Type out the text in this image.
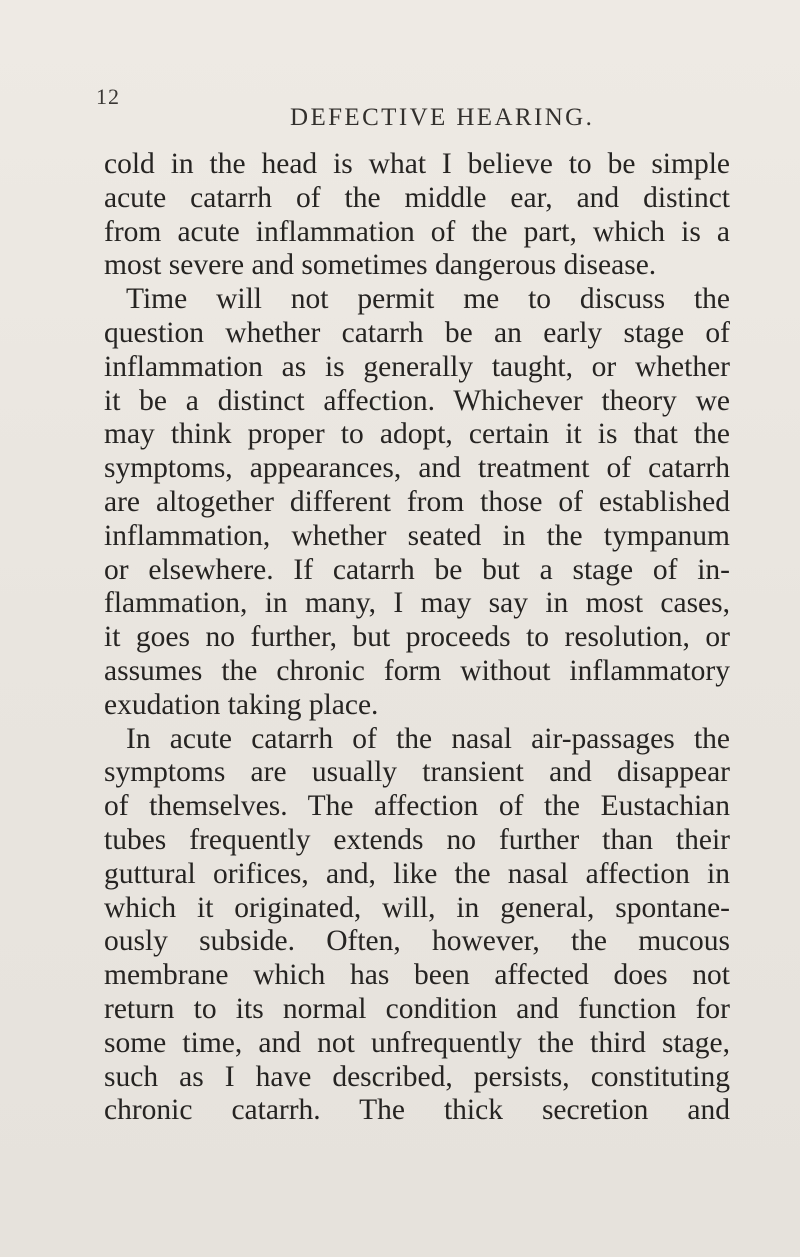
12
DEFECTIVE HEARING.
cold in the head is what I believe to be simple
acute catarrh of the middle ear, and distinct
from acute inflammation of the part, which is a
most severe and sometimes dangerous disease.
Time will not permit me to discuss the
question whether catarrh be an early stage of
inflammation as is generally taught, or whether
it be a distinct affection. Whichever theory we
may think proper to adopt, certain it is that the
symptoms, appearances, and treatment of catarrh
are altogether different from those of established
inflammation, whether seated in the tympanum
or elsewhere. If catarrh be but a stage of in-
flammation, in many, I may say in most cases,
it goes no further, but proceeds to resolution, or
assumes the chronic form without inflammatory
exudation taking place.
In acute catarrh of the nasal air-passages the
symptoms are usually transient and disappear
of themselves. The affection of the Eustachian
tubes frequently extends no further than their
guttural orifices, and, like the nasal affection in
which it originated, will, in general, spontane-
ously subside. Often, however, the mucous
membrane which has been affected does not
return to its normal condition and function for
some time, and not unfrequently the third stage,
such as I have described, persists, constituting
chronic catarrh. The thick secretion and
